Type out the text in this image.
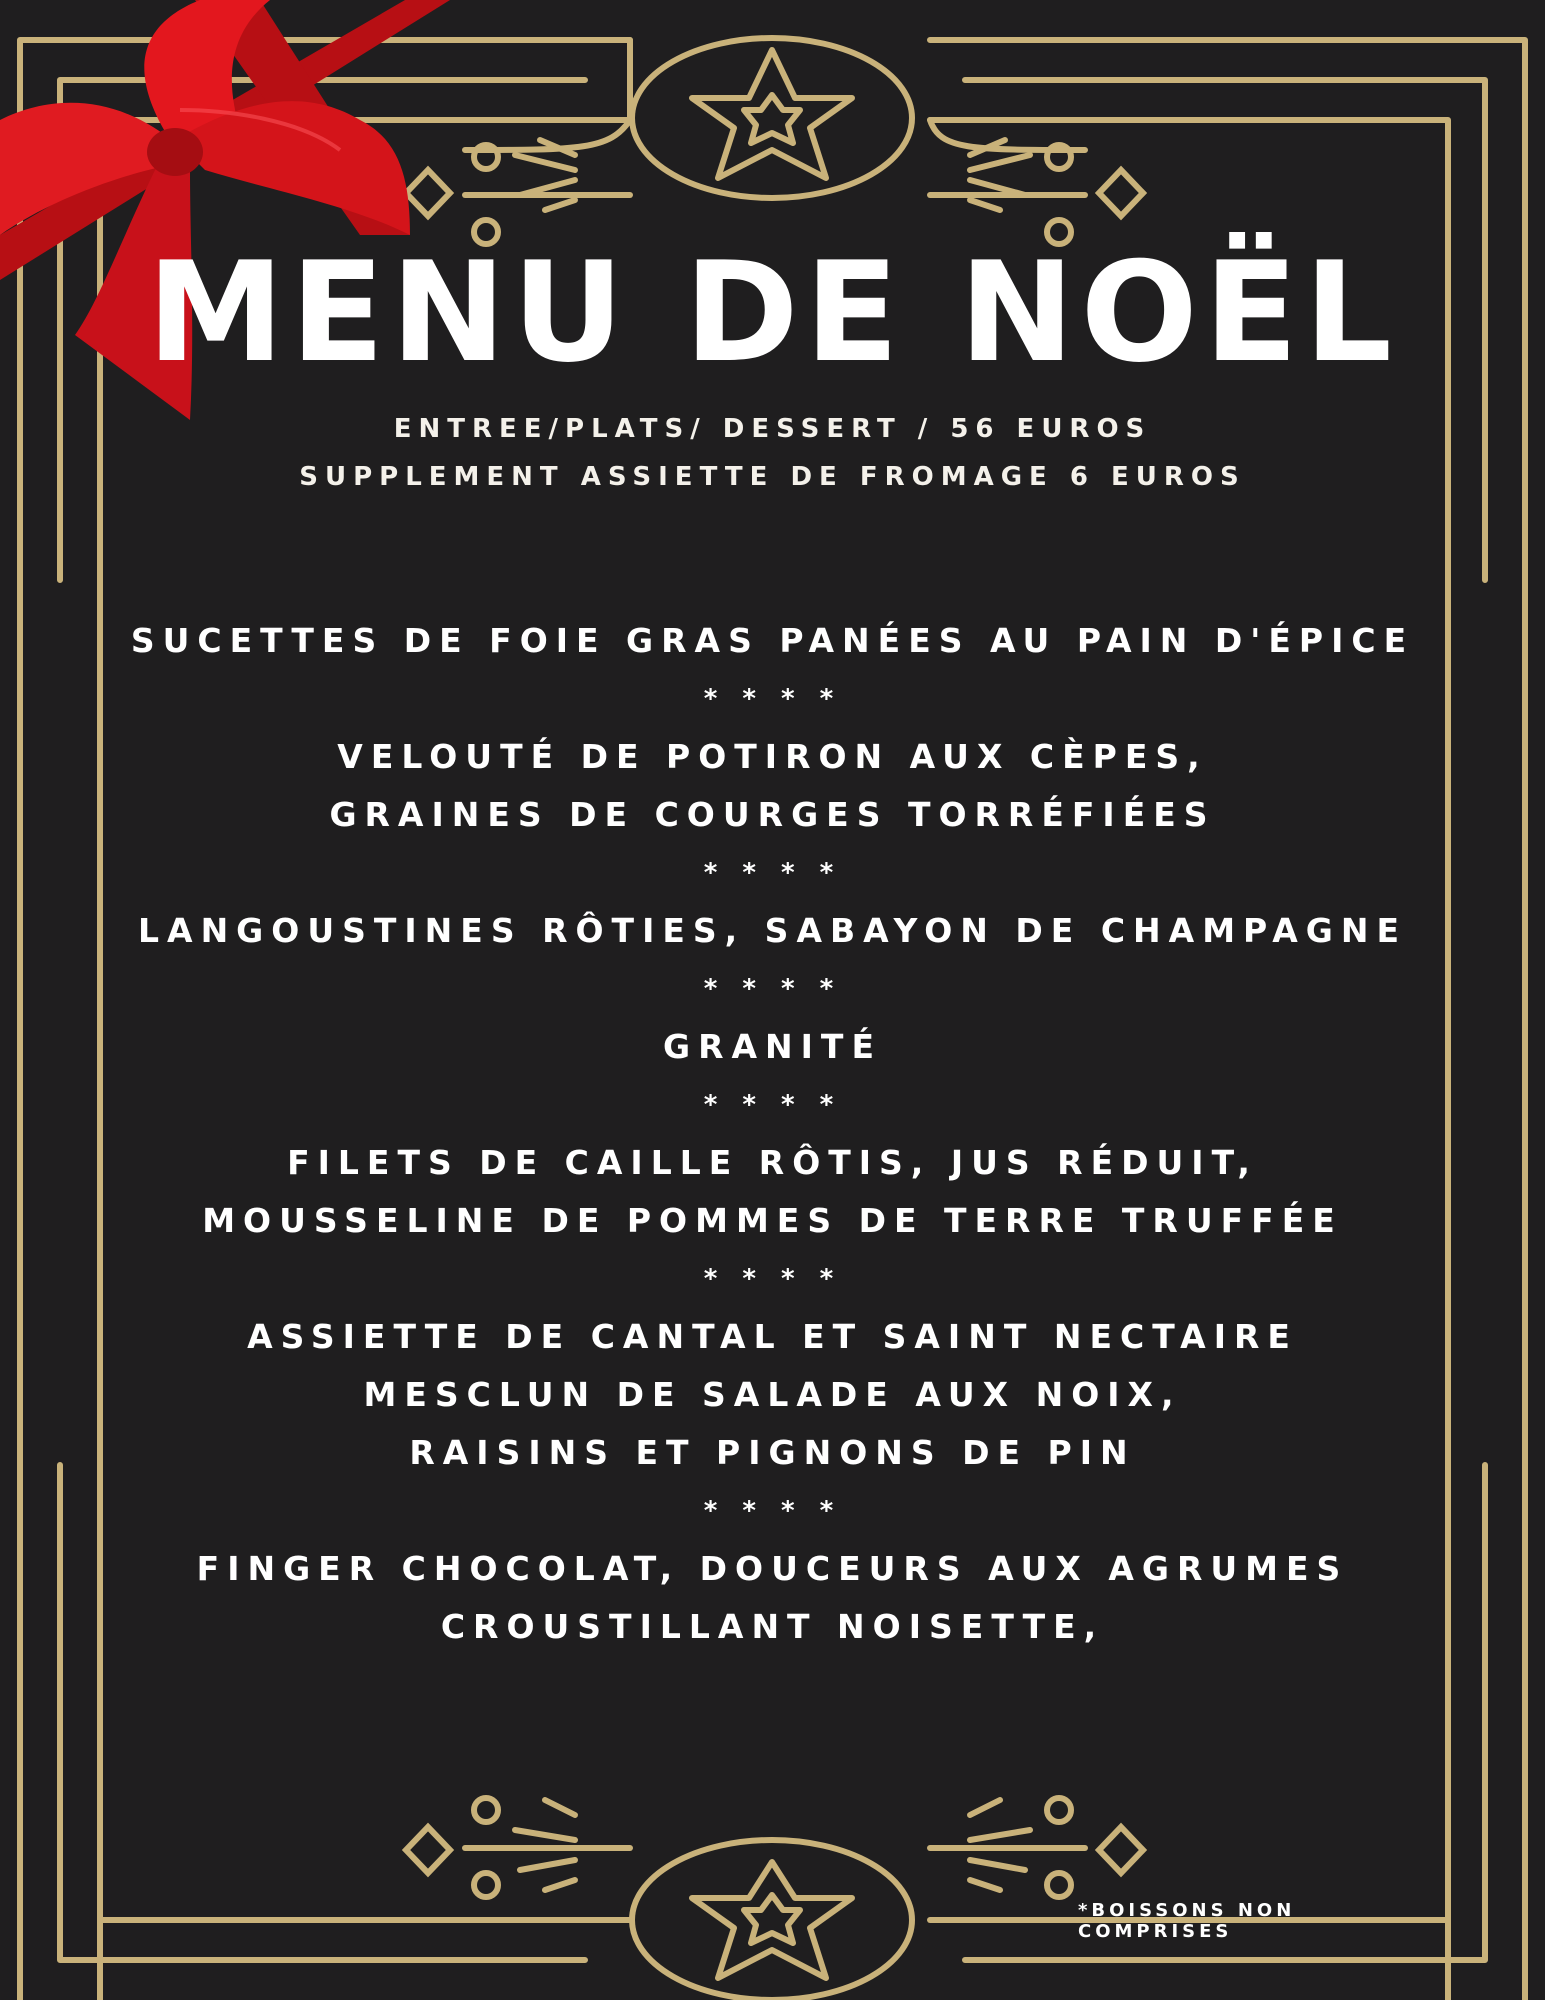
MENU DE NOËL
ENTREE/PLATS/ DESSERT / 56 EUROS
SUPPLEMENT ASSIETTE DE FROMAGE 6 EUROS
SUCETTES DE FOIE GRAS PANÉES AU PAIN D'ÉPICE
* * * *
VELOUTÉ DE POTIRON AUX CÈPES,
GRAINES DE COURGES TORRÉFIÉES
* * * *
LANGOUSTINES RÔTIES, SABAYON DE CHAMPAGNE
* * * *
GRANITÉ
* * * *
FILETS DE CAILLE RÔTIS, JUS RÉDUIT,
MOUSSELINE DE POMMES DE TERRE TRUFFÉE
* * * *
ASSIETTE DE CANTAL ET SAINT NECTAIRE
MESCLUN DE SALADE AUX NOIX,
RAISINS ET PIGNONS DE PIN
* * * *
FINGER CHOCOLAT, DOUCEURS AUX AGRUMES
CROUSTILLANT NOISETTE,
*BOISSONS NON COMPRISES
